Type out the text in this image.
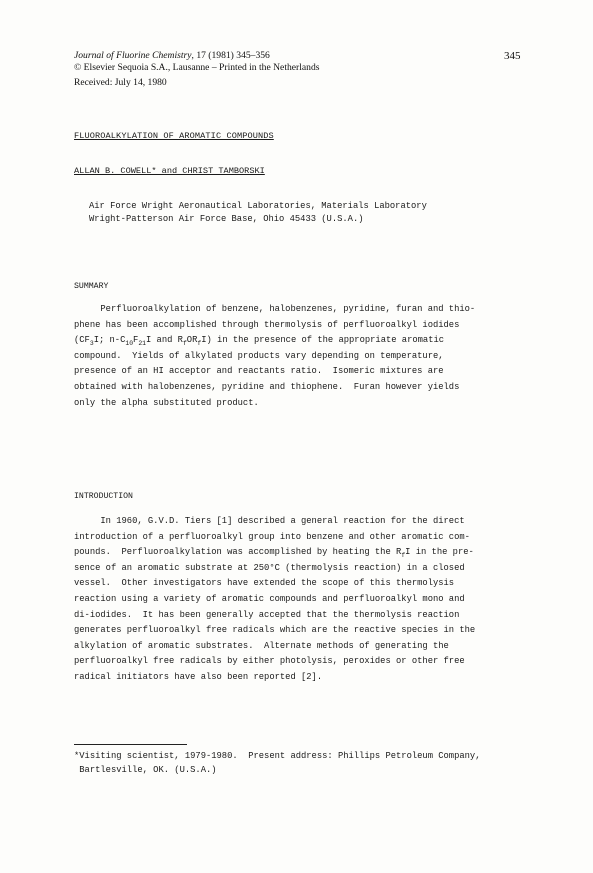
Journal of Fluorine Chemistry, 17 (1981) 345–356
© Elsevier Sequoia S.A., Lausanne – Printed in the Netherlands
Received: July 14, 1980
345
FLUOROALKYLATION OF AROMATIC COMPOUNDS
ALLAN B. COWELL* and CHRIST TAMBORSKI
Air Force Wright Aeronautical Laboratories, Materials Laboratory
Wright-Patterson Air Force Base, Ohio 45433 (U.S.A.)
SUMMARY
Perfluoroalkylation of benzene, halobenzenes, pyridine, furan and thio-
phene has been accomplished through thermolysis of perfluoroalkyl iodides
($CF_3I$; $n-C_{10}F_{21}I$ and $R_fOR_fI$) in the presence of the appropriate aromatic
compound.  Yields of alkylated products vary depending on temperature,
presence of an HI acceptor and reactants ratio.  Isomeric mixtures are
obtained with halobenzenes, pyridine and thiophene.  Furan however yields
only the alpha substituted product.
INTRODUCTION
In 1960, G.V.D. Tiers [1] described a general reaction for the direct
introduction of a perfluoroalkyl group into benzene and other aromatic com-
pounds.  Perfluoroalkylation was accomplished by heating the $R_fI$ in the pre-
sence of an aromatic substrate at 250°C (thermolysis reaction) in a closed
vessel.  Other investigators have extended the scope of this thermolysis
reaction using a variety of aromatic compounds and perfluoroalkyl mono and
di-iodides.  It has been generally accepted that the thermolysis reaction
generates perfluoroalkyl free radicals which are the reactive species in the
alkylation of aromatic substrates.  Alternate methods of generating the
perfluoroalkyl free radicals by either photolysis, peroxides or other free
radical initiators have also been reported [2].
*Visiting scientist, 1979-1980.  Present address: Phillips Petroleum Company,
Bartlesville, OK. (U.S.A.)
